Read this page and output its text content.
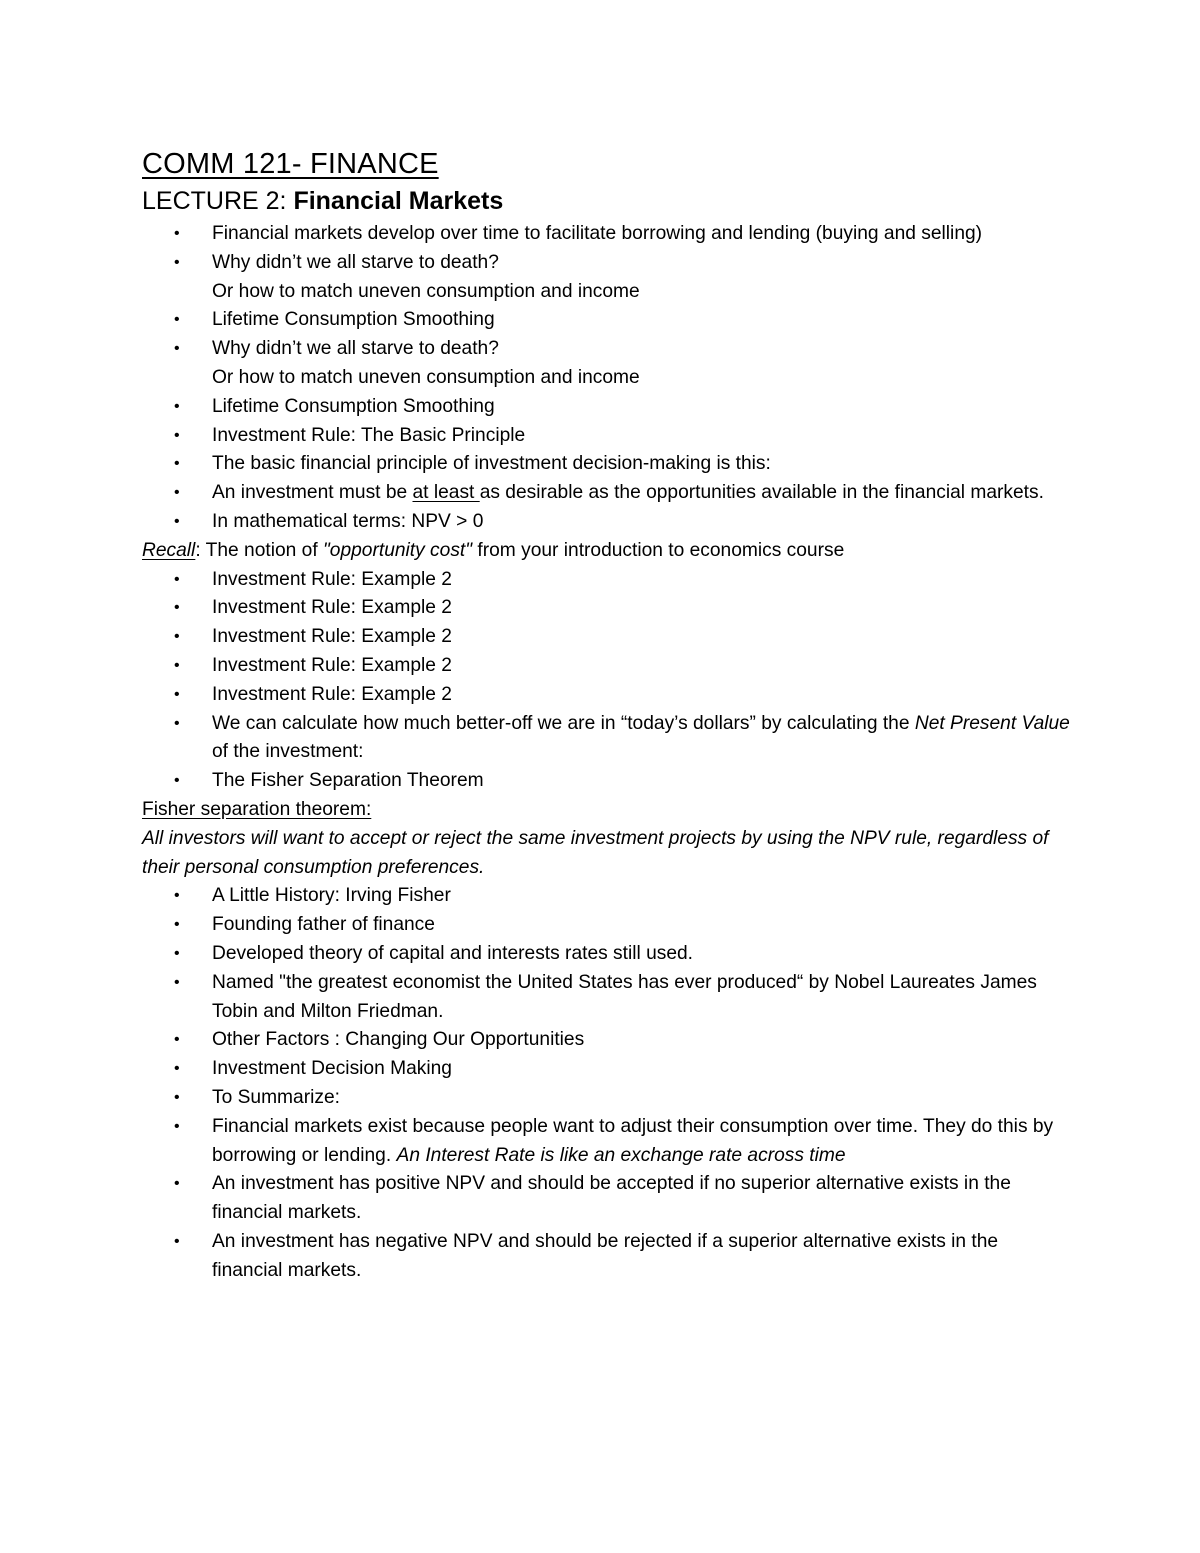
COMM 121- FINANCE
LECTURE 2: Financial Markets
• Financial markets develop over time to facilitate borrowing and lending (buying and selling)
• Why didn’t we all starve to death?
Or how to match uneven consumption and income
• Lifetime Consumption Smoothing
• Why didn’t we all starve to death?
Or how to match uneven consumption and income
• Lifetime Consumption Smoothing
• Investment Rule: The Basic Principle
• The basic financial principle of investment decision-making is this:
• An investment must be at least as desirable as the opportunities available in the financial markets.
• In mathematical terms: NPV > 0

Recall: The notion of "opportunity cost" from your introduction to economics course

• Investment Rule: Example 2
• Investment Rule: Example 2
• Investment Rule: Example 2
• Investment Rule: Example 2
• Investment Rule: Example 2
• We can calculate how much better-off we are in “today’s dollars” by calculating the Net Present Value of the investment:
• The Fisher Separation Theorem

Fisher separation theorem:

All investors will want to accept or reject the same investment projects by using the NPV rule, regardless of their personal consumption preferences.

• A Little History: Irving Fisher
• Founding father of finance
• Developed theory of capital and interests rates still used.
• Named "the greatest economist the United States has ever produced“ by Nobel Laureates James Tobin and Milton Friedman.
• Other Factors : Changing Our Opportunities
• Investment Decision Making
• To Summarize:
• Financial markets exist because people want to adjust their consumption over time. They do this by borrowing or lending. An Interest Rate is like an exchange rate across time
• An investment has positive NPV and should be accepted if no superior alternative exists in the financial markets.
• An investment has negative NPV and should be rejected if a superior alternative exists in the financial markets.
